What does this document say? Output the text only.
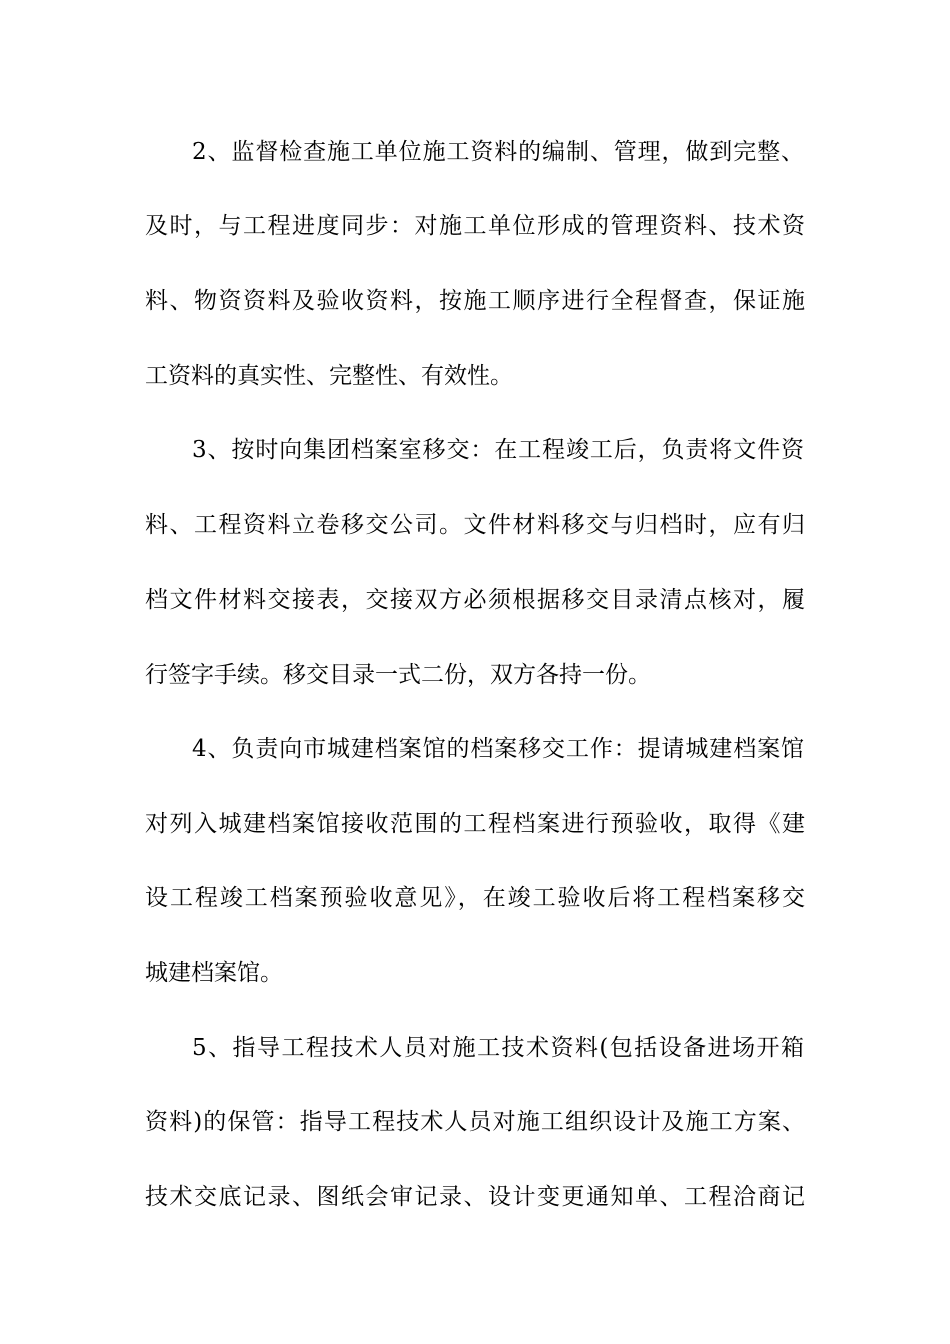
2、监督检查施工单位施工资料的编制、管理，做到完整、
及时，与工程进度同步：对施工单位形成的管理资料、技术资
料、物资资料及验收资料，按施工顺序进行全程督查，保证施
工资料的真实性、完整性、有效性。
3、按时向集团档案室移交：在工程竣工后，负责将文件资
料、工程资料立卷移交公司。文件材料移交与归档时，应有归
档文件材料交接表，交接双方必须根据移交目录清点核对，履
行签字手续。移交目录一式二份，双方各持一份。
4、负责向市城建档案馆的档案移交工作：提请城建档案馆
对列入城建档案馆接收范围的工程档案进行预验收，取得《建
设工程竣工档案预验收意见》，在竣工验收后将工程档案移交
城建档案馆。
5、指导工程技术人员对施工技术资料(包括设备进场开箱
资料)的保管：指导工程技术人员对施工组织设计及施工方案、
技术交底记录、图纸会审记录、设计变更通知单、工程洽商记
